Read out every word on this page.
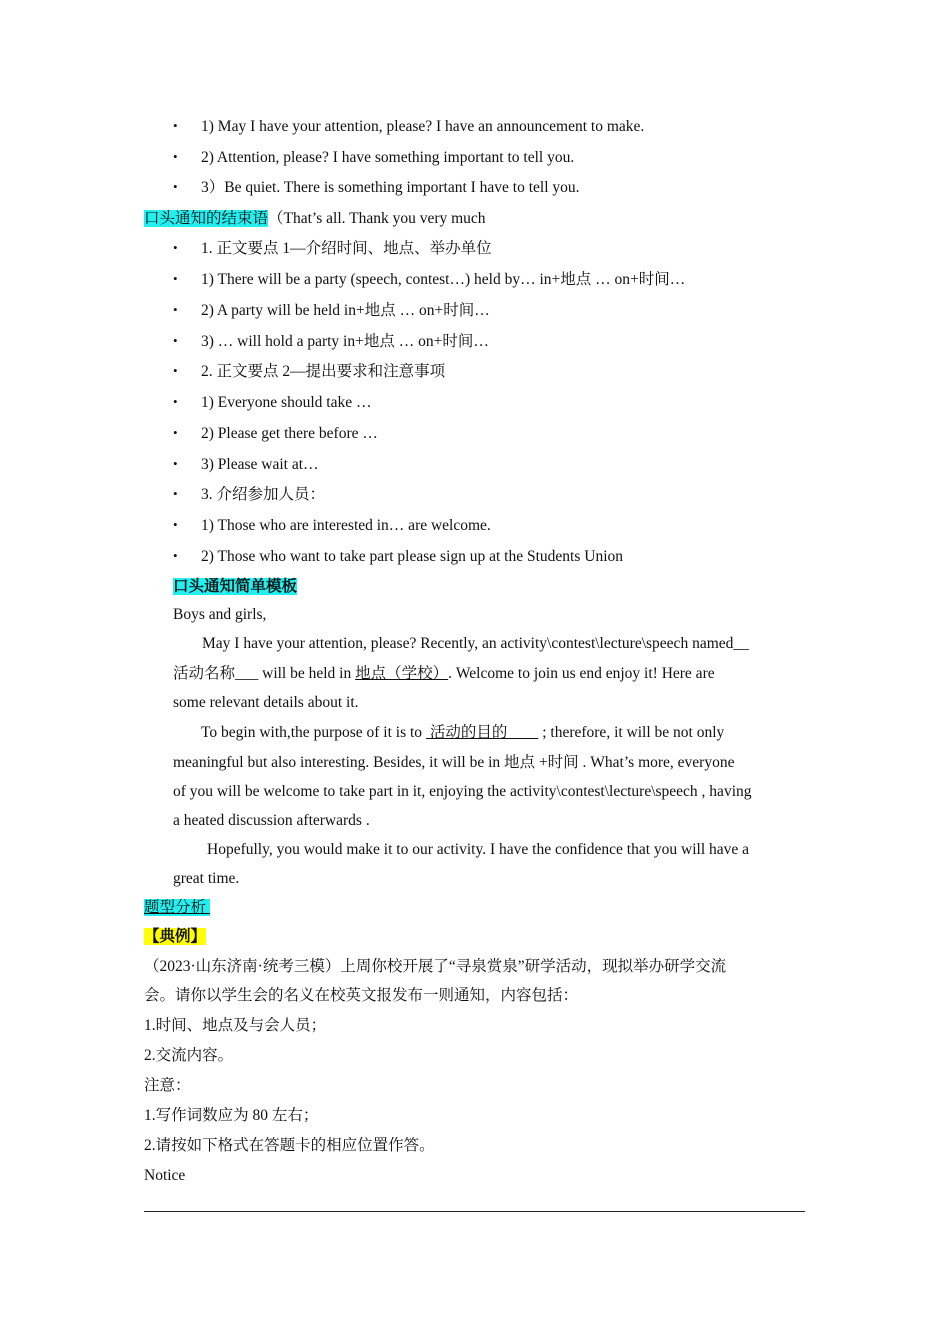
• 1) May I have your attention, please? I have an announcement to make.
• 2) Attention, please? I have something important to tell you.
• 3）Be quiet. There is something important I have to tell you.
口头通知的结束语（That’s all. Thank you very much
• 1. 正文要点 1—介绍时间、地点、举办单位
• 1) There will be a party (speech, contest…) held by… in+地点 … on+时间…
• 2) A party will be held in+地点 … on+时间…
• 3) … will hold a party in+地点 … on+时间…
• 2. 正文要点 2—提出要求和注意事项
• 1) Everyone should take …
• 2) Please get there before …
• 3) Please wait at…
• 3. 介绍参加人员：
• 1) Those who are interested in… are welcome.
• 2) Those who want to take part please sign up at the Students Union
口头通知简单模板
Boys and girls,
May I have your attention, please? Recently, an activity\contest\lecture\speech named__
活动名称___ will be held in 地点（学校）. Welcome to join us end enjoy it! Here are
some relevant details about it.
To begin with,the purpose of it is to  活动的目的         ; therefore, it will be not only
meaningful but also interesting. Besides, it will be in 地点 +时间 . What’s more, everyone
of you will be welcome to take part in it, enjoying the activity\contest\lecture\speech , having
a heated discussion afterwards .
Hopefully, you would make it to our activity. I have the confidence that you will have a
great time.
题型分析
【典例】
（2023·山东济南·统考三模）上周你校开展了“寻泉赏泉”研学活动，现拟举办研学交流
会。请你以学生会的名义在校英文报发布一则通知，内容包括：
1.时间、地点及与会人员；
2.交流内容。
注意：
1.写作词数应为 80 左右；
2.请按如下格式在答题卡的相应位置作答。
Notice
